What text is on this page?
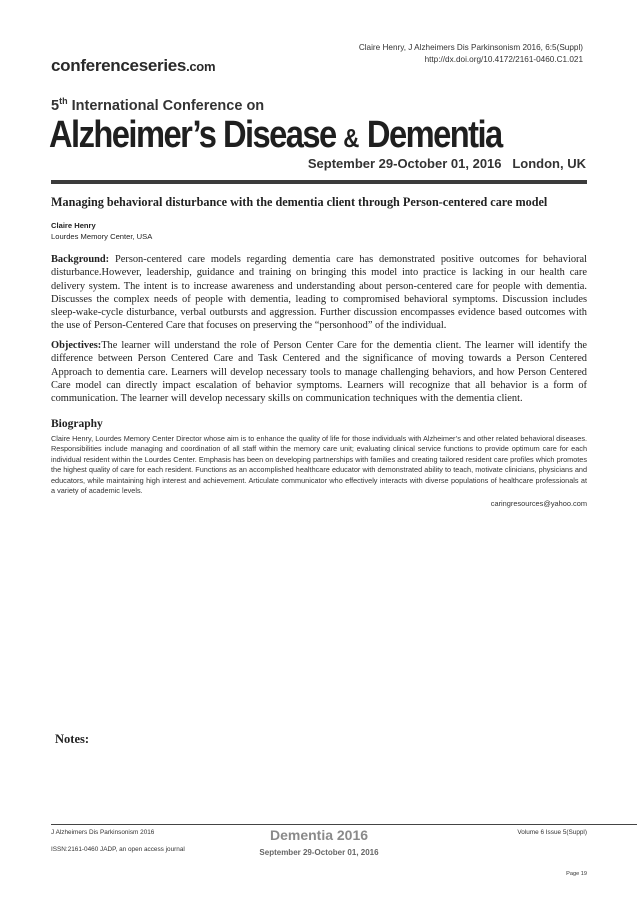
Claire Henry, J Alzheimers Dis Parkinsonism 2016, 6:5(Suppl)
http://dx.doi.org/10.4172/2161-0460.C1.021
conferenceseries.com
5th International Conference on
Alzheimer’s Disease & Dementia
September 29-October 01, 2016   London, UK
Managing behavioral disturbance with the dementia client through Person-centered care model
Claire Henry
Lourdes Memory Center, USA
Background: Person-centered care models regarding dementia care has demonstrated positive outcomes for behavioral disturbance.However, leadership, guidance and training on bringing this model into practice is lacking in our health care delivery system. The intent is to increase awareness and understanding about person-centered care for people with dementia. Discusses the complex needs of people with dementia, leading to compromised behavioral symptoms. Discussion includes sleep-wake-cycle disturbance, verbal outbursts and aggression. Further discussion encompasses evidence based outcomes with the use of Person-Centered Care that focuses on preserving the “personhood” of the individual.
Objectives:The learner will understand the role of Person Center Care for the dementia client. The learner will identify the difference between Person Centered Care and Task Centered and the significance of moving towards a Person Centered Approach to dementia care. Learners will develop necessary tools to manage challenging behaviors, and how Person Centered Care model can directly impact escalation of behavior symptoms. Learners will recognize that all behavior is a form of communication. The learner will develop necessary skills on communication techniques with the dementia client.
Biography
Claire Henry, Lourdes Memory Center Director whose aim is to enhance the quality of life for those individuals with Alzheimer’s and other related behavioral diseases. Responsibilities include managing and coordination of all staff within the memory care unit; evaluating clinical service functions to provide optimum care for each individual resident within the Lourdes Center. Emphasis has been on developing partnerships with families and creating tailored resident care profiles which promotes the highest quality of care for each resident. Functions as an accomplished healthcare educator with demonstrated ability to teach, motivate clinicians, physicians and educators, while maintaining high interest and achievement. Articulate communicator who effectively interacts with diverse populations of healthcare professionals at a variety of academic levels.
caringresources@yahoo.com
Notes:
J Alzheimers Dis Parkinsonism 2016
ISSN:2161-0460 JADP, an open access journal
Dementia 2016
September 29-October 01, 2016
Volume 6 Issue 5(Suppl)
Page 19
